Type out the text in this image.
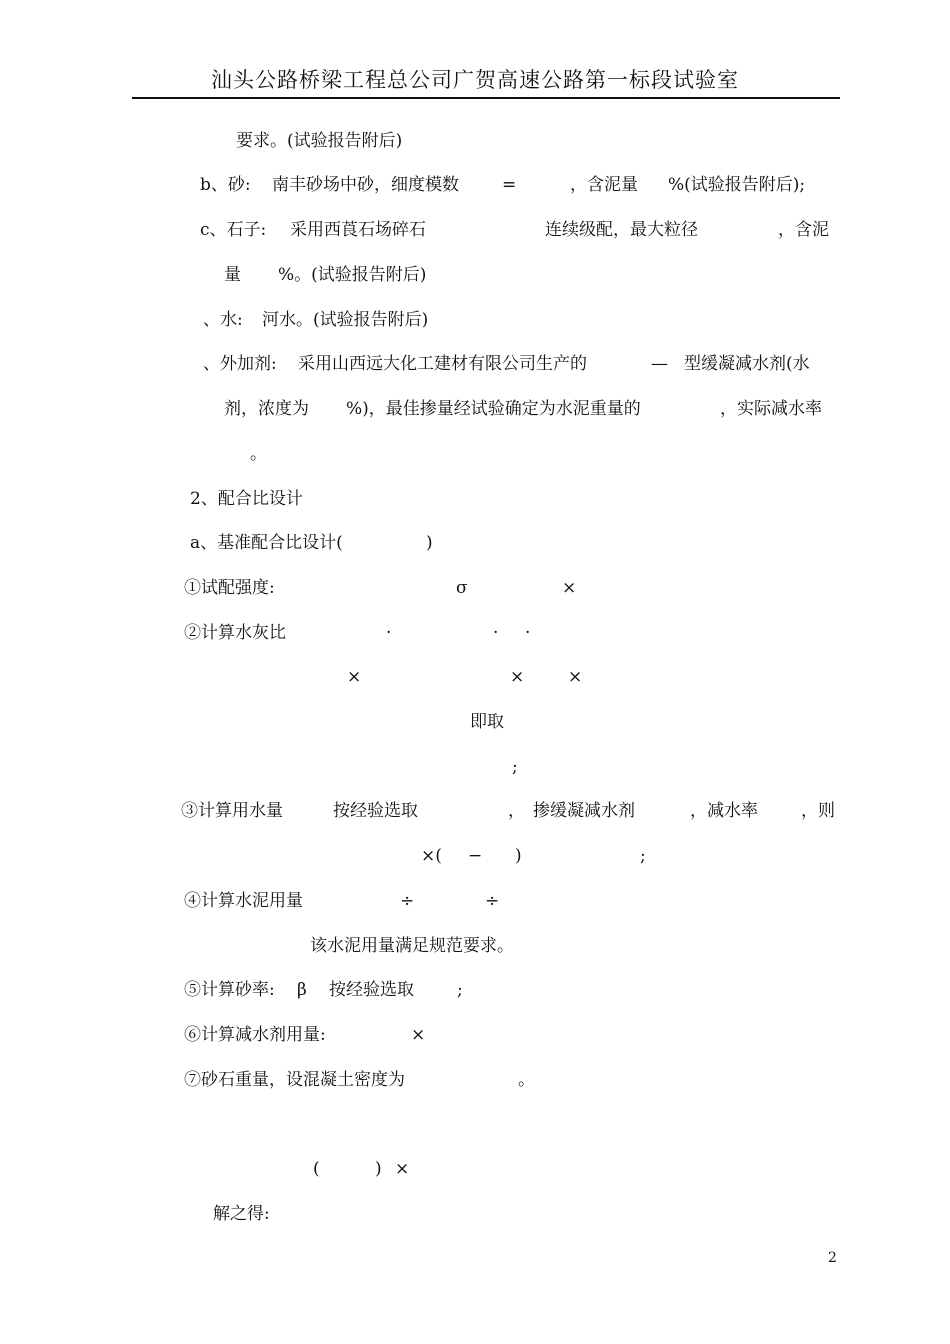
汕头公路桥梁工程总公司广贺高速公路第一标段试验室
要求。(试验报告附后)
b、砂: 南丰砂场中砂，细度模数	=	，含泥量 %(试验报告附后);
c、石子: 采用西莨石场碎石	连续级配，最大粒径	，含泥
量 %。(试验报告附后)
、水: 河水。(试验报告附后)
、外加剂: 采用山西远大化工建材有限公司生产的	— 型缓凝减水剂(水
剂，浓度为 %)，最佳掺量经试验确定为水泥重量的	，实际减水率
。
2、配合比设计
a、基准配合比设计(	)
①试配强度:	σ	×
②计算水灰比	·	· ·
×	×	×
即取
;
③计算用水量	按经验选取	， 掺缓凝减水剂	，减水率	，则
×( − )	;
④计算水泥用量	÷	÷
该水泥用量满足规范要求。
⑤计算砂率: β 按经验选取	;
⑥计算减水剂用量:	×
⑦砂石重量，设混凝土密度为	。
(	) ×
解之得:
2
